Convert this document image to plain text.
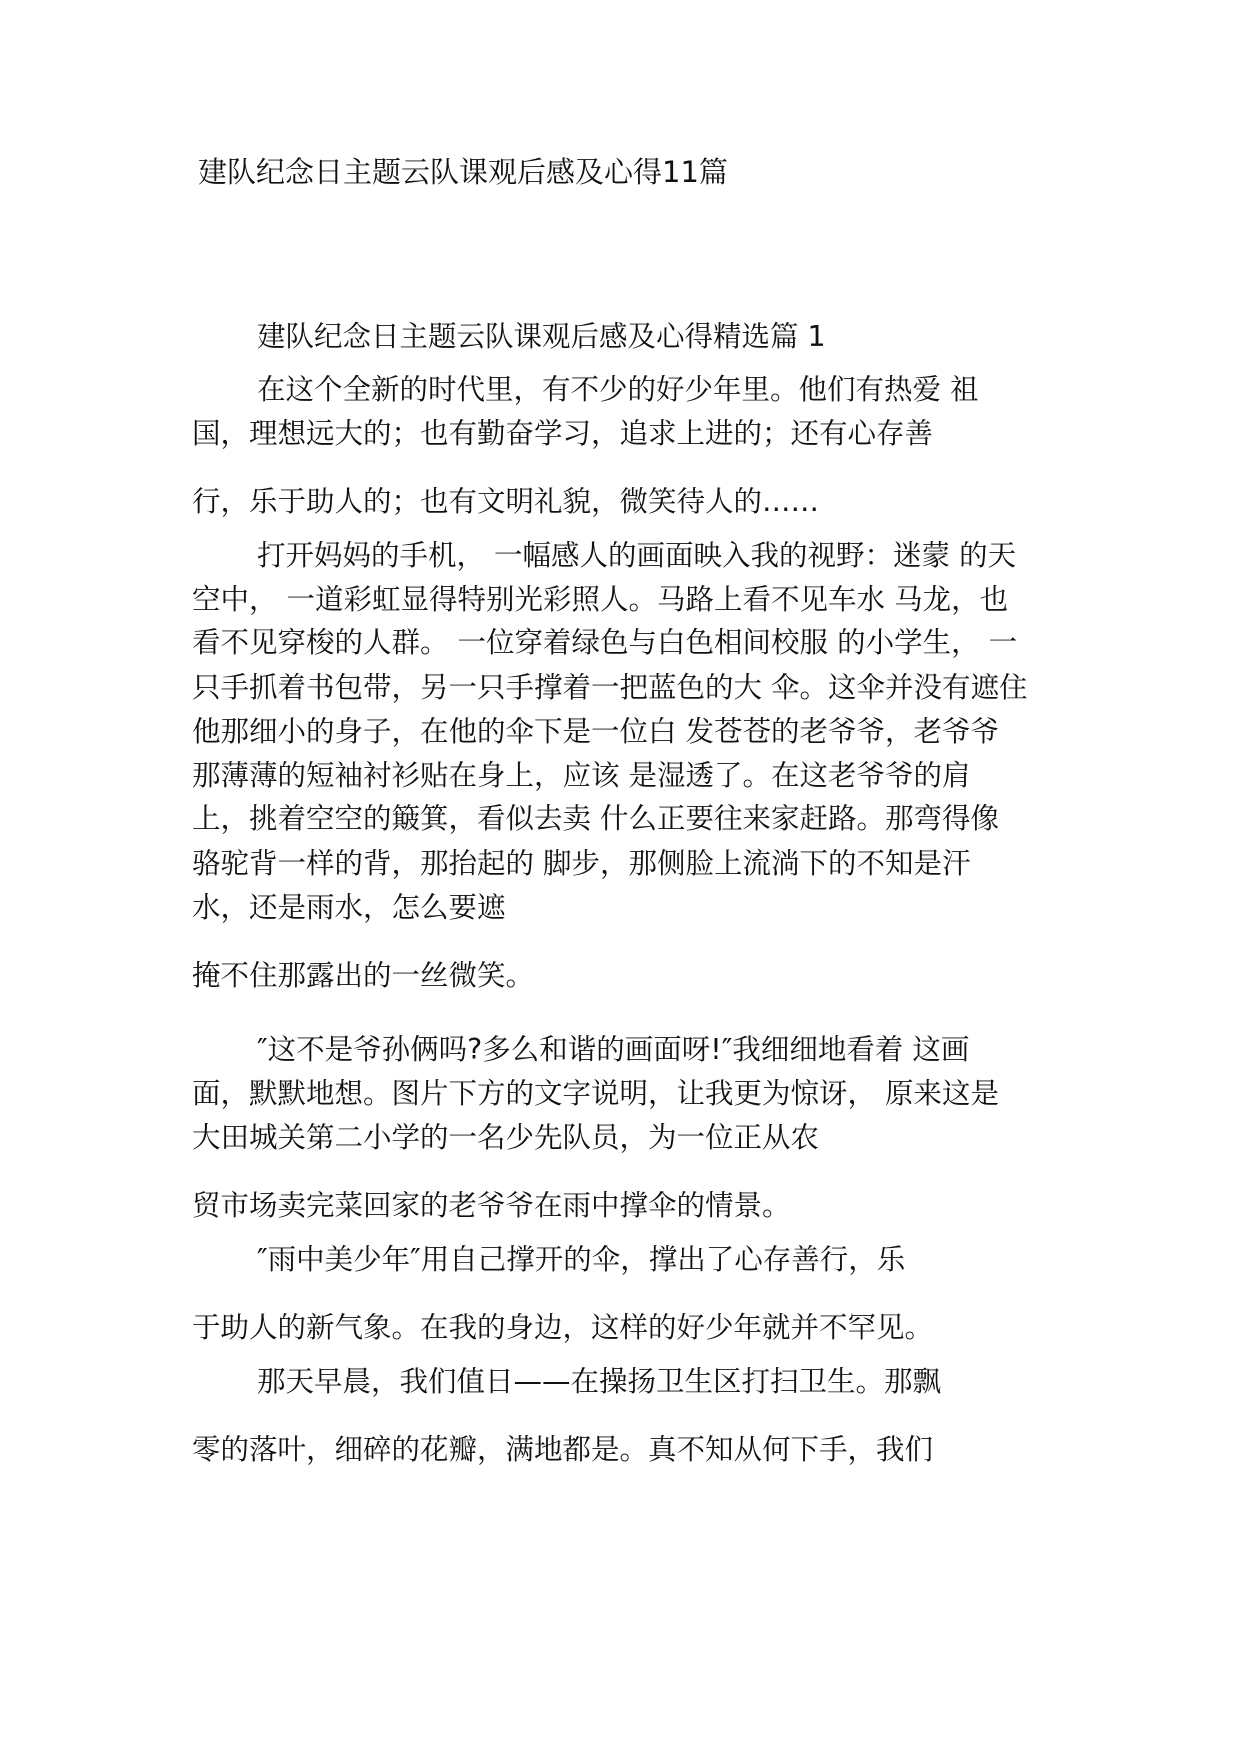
建队纪念日主题云队课观后感及心得11篇

建队纪念日主题云队课观后感及心得精选篇 1

在这个全新的时代里，有不少的好少年里。他们有热爱 祖

国，理想远大的；也有勤奋学习，追求上进的；还有心存善

行，乐于助人的；也有文明礼貌，微笑待人的……

打开妈妈的手机， 一幅感人的画面映入我的视野：迷蒙 的天

空中， 一道彩虹显得特别光彩照人。马路上看不见车水 马龙，也

看不见穿梭的人群。 一位穿着绿色与白色相间校服 的小学生， 一

只手抓着书包带，另一只手撑着一把蓝色的大 伞。这伞并没有遮住

他那细小的身子，在他的伞下是一位白 发苍苍的老爷爷，老爷爷

那薄薄的短袖衬衫贴在身上，应该 是湿透了。在这老爷爷的肩

上，挑着空空的簸箕，看似去卖 什么正要往来家赶路。那弯得像

骆驼背一样的背，那抬起的 脚步，那侧脸上流淌下的不知是汗

水，还是雨水，怎么要遮

掩不住那露出的一丝微笑。

″这不是爷孙俩吗?多么和谐的画面呀!″我细细地看着 这画

面，默默地想。图片下方的文字说明，让我更为惊讶， 原来这是

大田城关第二小学的一名少先队员，为一位正从农

贸市场卖完菜回家的老爷爷在雨中撑伞的情景。

″雨中美少年″用自己撑开的伞，撑出了心存善行，乐

于助人的新气象。在我的身边，这样的好少年就并不罕见。

那天早晨，我们值日——在操扬卫生区打扫卫生。那飘

零的落叶，细碎的花瓣，满地都是。真不知从何下手，我们
